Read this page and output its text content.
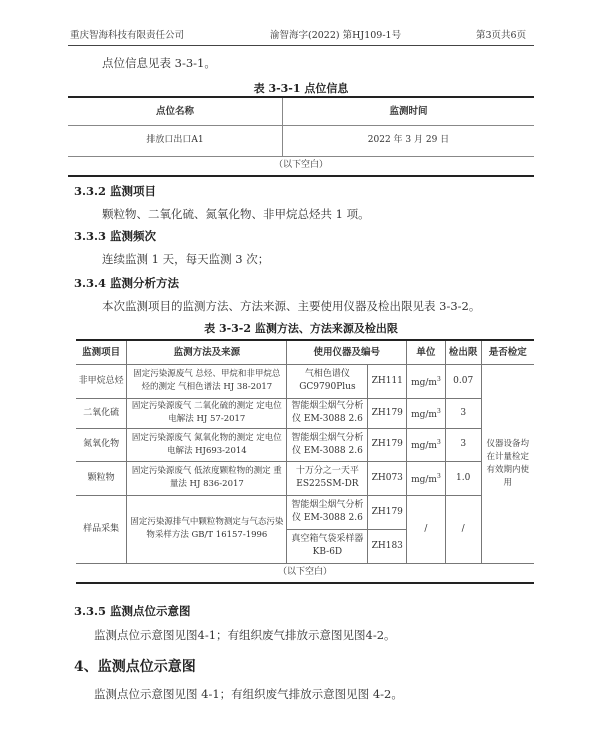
重庆智海科技有限责任公司	渝智海字(2022) 第HJ109-1号	第3页共6页
点位信息见表 3-3-1。
表 3-3-1 点位信息
点位名称	监测时间
排放口出口A1	2022 年 3 月 29 日
（以下空白）	
3.3.2 监测项目
颗粒物、二氧化硫、氮氧化物、非甲烷总烃共 1 项。
3.3.3 监测频次
连续监测 1 天，每天监测 3 次；
3.3.4 监测分析方法
本次监测项目的监测方法、方法来源、主要使用仪器及检出限见表 3-3-2。
表 3-3-2 监测方法、方法来源及检出限
监测项目	监测方法及来源	使用仪器及编号		单位	检出限	是否检定
非甲烷总烃	固定污染源废气 总烃、甲烷和非甲烷总烃的测定 气相色谱法 HJ 38-2017	气相色谱仪 GC9790Plus	ZH111	$mg/m^3$	0.07	仪器设备均在计量检定有效期内使用
二氧化硫	固定污染源废气 二氧化硫的测定 定电位电解法 HJ 57-2017	智能烟尘烟气分析仪 EM-3088 2.6	ZH179	$mg/m^3$	3	
氮氧化物	固定污染源废气 氮氧化物的测定 定电位电解法 HJ693-2014	智能烟尘烟气分析仪 EM-3088 2.6	ZH179	$mg/m^3$	3	
颗粒物	固定污染源废气 低浓度颗粒物的测定 重量法 HJ 836-2017	十万分之一天平 ES225SM-DR	ZH073	$mg/m^3$	1.0	
样品采集	固定污染源排气中颗粒物测定与气态污染物采样方法 GB/T 16157-1996	智能烟尘烟气分析仪 EM-3088 2.6	ZH179	/	/	
		真空箱气袋采样器 KB-6D	ZH183			
（以下空白）						
3.3.5 监测点位示意图
监测点位示意图见图4-1；有组织废气排放示意图见图4-2。
4、监测点位示意图
监测点位示意图见图 4-1；有组织废气排放示意图见图 4-2。
